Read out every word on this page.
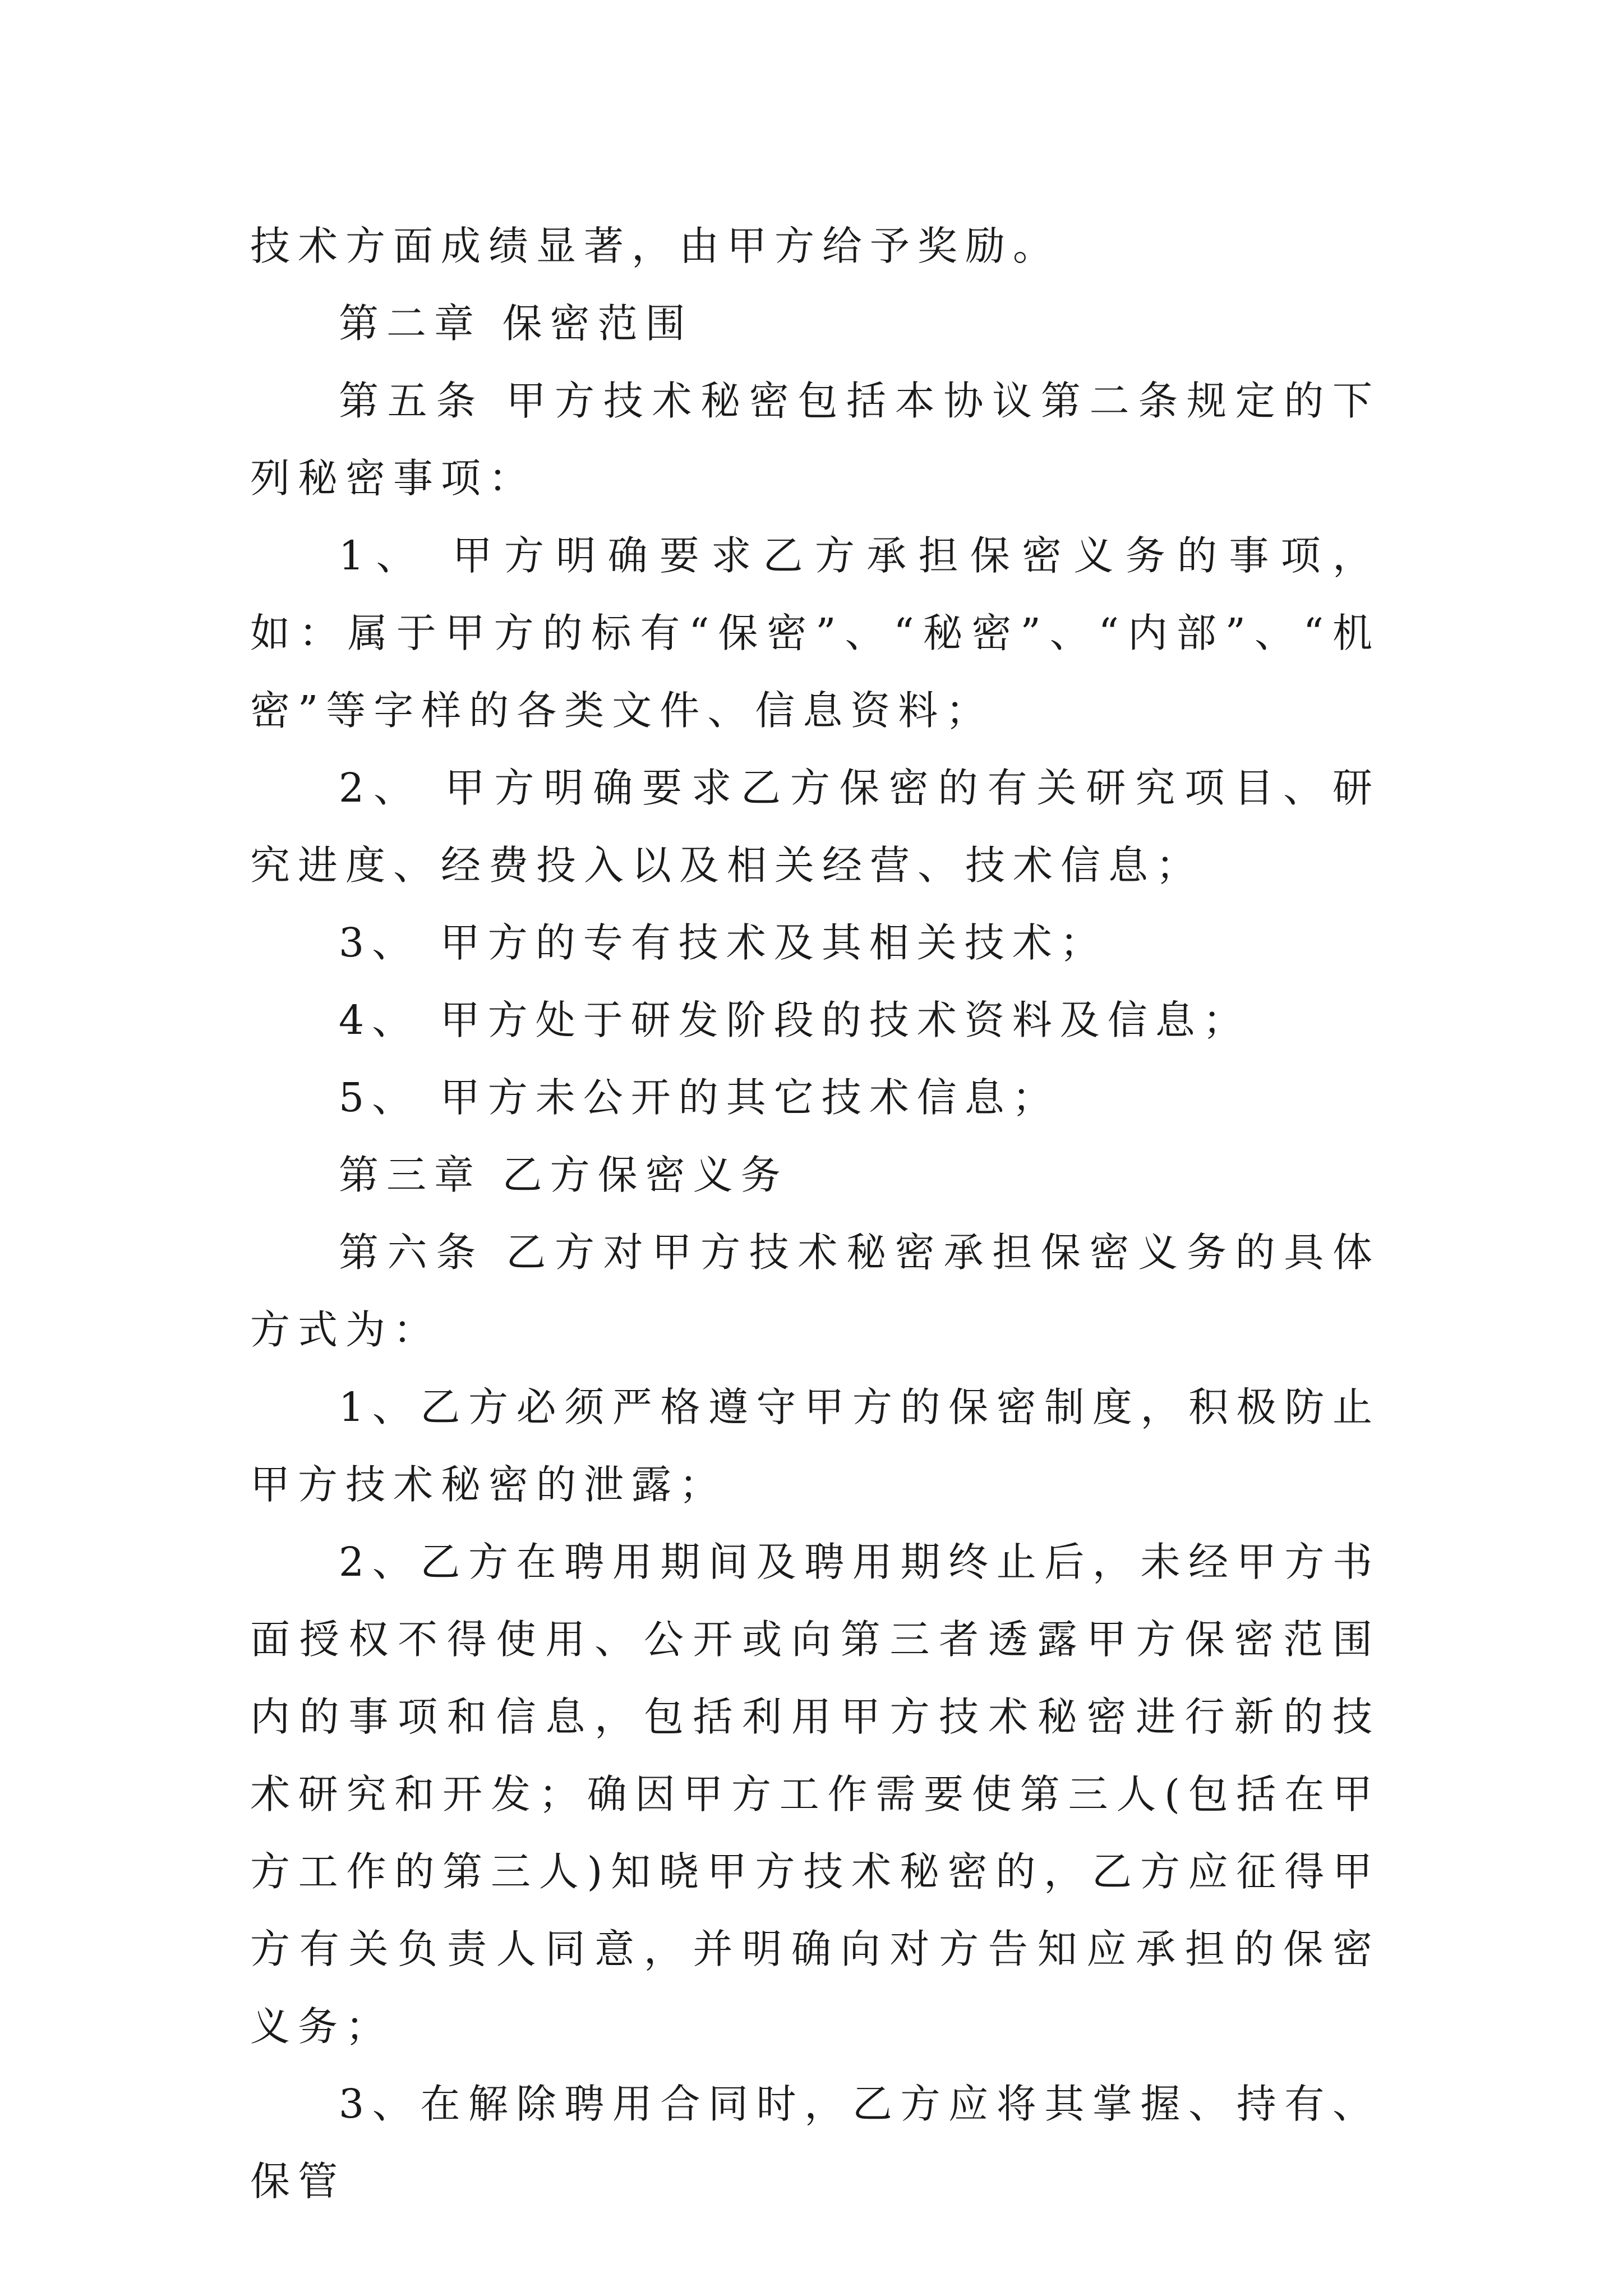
技术方面成绩显著，由甲方给予奖励。

第二章 保密范围

第五条 甲方技术秘密包括本协议第二条规定的下列秘密事项：

1、 甲方明确要求乙方承担保密义务的事项，如：属于甲方的标有“保密”、“秘密”、“内部”、“机密”等字样的各类文件、信息资料；

2、 甲方明确要求乙方保密的有关研究项目、研究进度、经费投入以及相关经营、技术信息；

3、 甲方的专有技术及其相关技术；

4、 甲方处于研发阶段的技术资料及信息；

5、 甲方未公开的其它技术信息；

第三章 乙方保密义务

第六条 乙方对甲方技术秘密承担保密义务的具体方式为：

1、乙方必须严格遵守甲方的保密制度，积极防止甲方技术秘密的泄露；

2、乙方在聘用期间及聘用期终止后，未经甲方书面授权不得使用、公开或向第三者透露甲方保密范围内的事项和信息，包括利用甲方技术秘密进行新的技术研究和开发；确因甲方工作需要使第三人(包括在甲方工作的第三人)知晓甲方技术秘密的，乙方应征得甲方有关负责人同意，并明确向对方告知应承担的保密义务；

3、在解除聘用合同时，乙方应将其掌握、持有、保管
